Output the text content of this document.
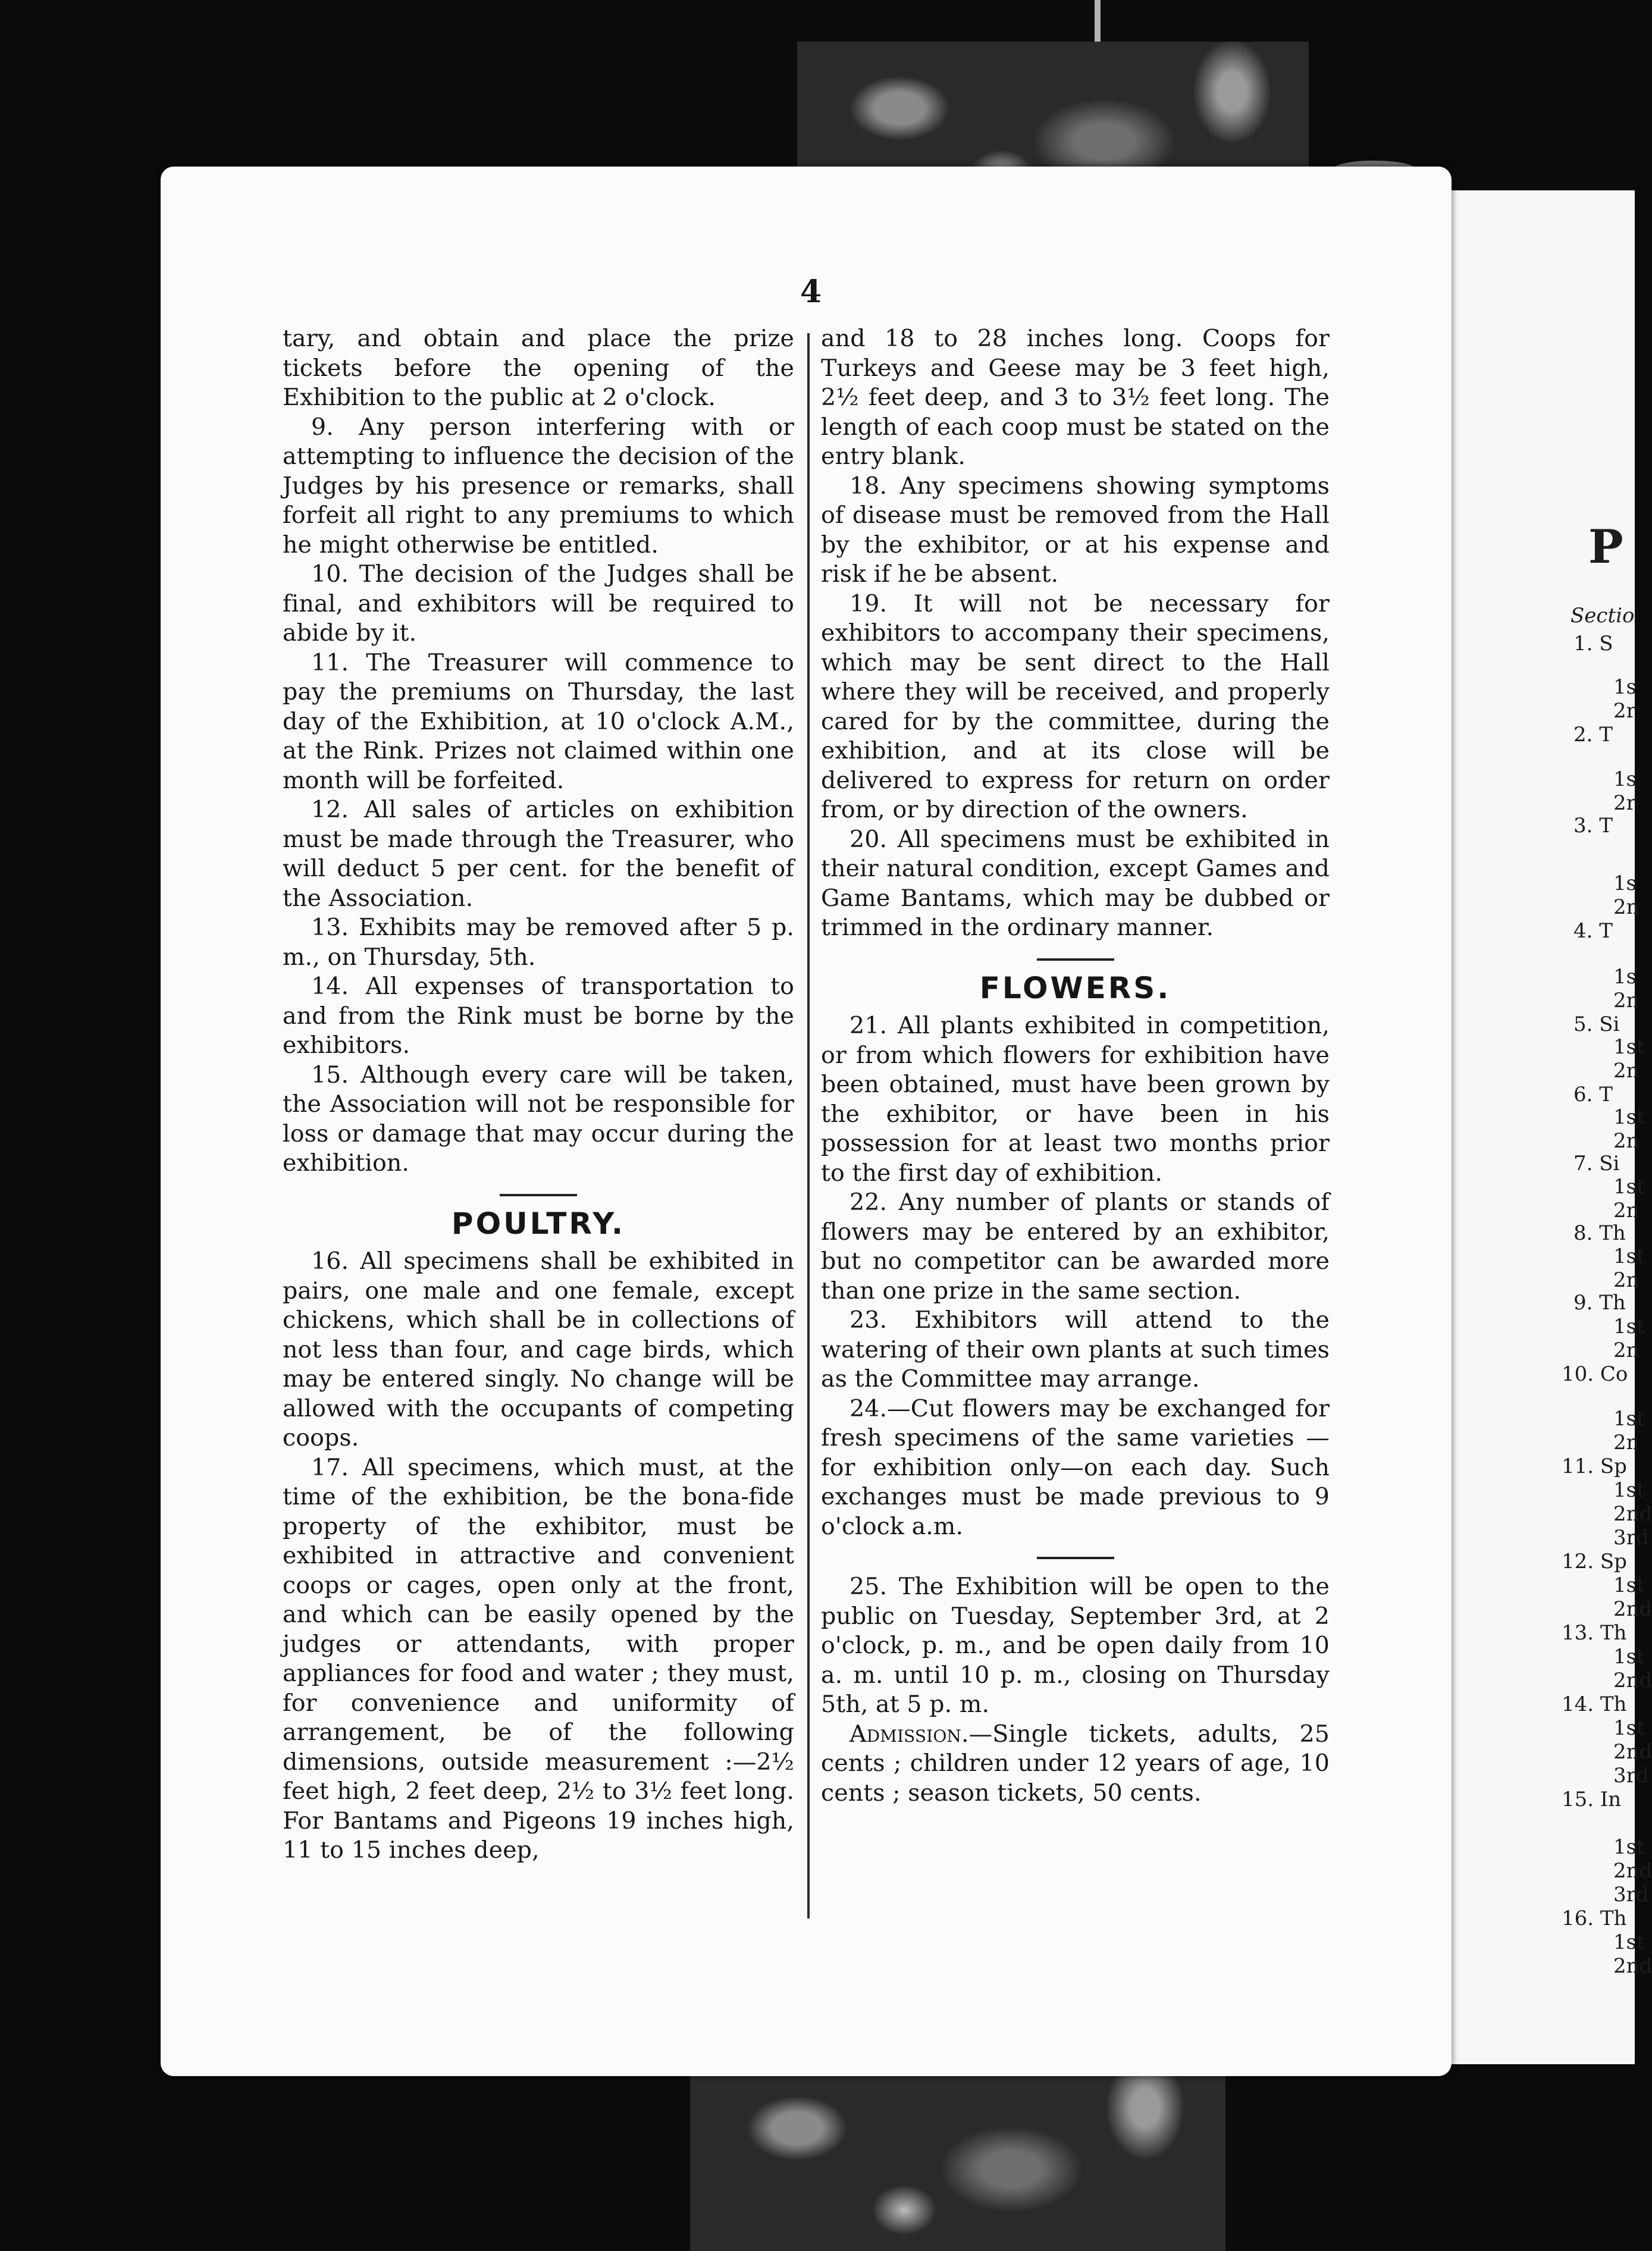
P
Sectio
1. S
1s
2r
2. T
1s
2r
3. T
1s
2n
4. T
1s
2n
5. Si
1st
2n
6. T
1st
2n
7. Si
1st
2n
8. Th
1st
2n
9. Th
1st
2n
10. Co
1st
2n
11. Sp
1st
2nd
3rd
12. Sp
1st
2nd
13. Th
1st
2nd
14. Th
1st
2nd
3rd
15. In
1st
2nd
3rd
16. Th
1st
2nd
4

tary, and obtain and place the prize tickets before the opening of the Exhibition to the public at 2 o'clock.

9. Any person interfering with or attempting to influence the decision of the Judges by his presence or remarks, shall forfeit all right to any premiums to which he might otherwise be entitled.

10. The decision of the Judges shall be final, and exhibitors will be required to abide by it.

11. The Treasurer will commence to pay the premiums on Thursday, the last day of the Exhibition, at 10 o'clock A.M., at the Rink. Prizes not claimed within one month will be forfeited.

12. All sales of articles on exhibition must be made through the Treasurer, who will deduct 5 per cent. for the benefit of the Association.

13. Exhibits may be removed after 5 p. m., on Thursday, 5th.

14. All expenses of transportation to and from the Rink must be borne by the exhibitors.

15. Although every care will be taken, the Association will not be responsible for loss or damage that may occur during the exhibition.

POULTRY.

16. All specimens shall be exhibited in pairs, one male and one female, except chickens, which shall be in collections of not less than four, and cage birds, which may be entered singly. No change will be allowed with the occupants of competing coops.

17. All specimens, which must, at the time of the exhibition, be the bona-fide property of the exhibitor, must be exhibited in attractive and convenient coops or cages, open only at the front, and which can be easily opened by the judges or attendants, with proper appliances for food and water ; they must, for convenience and uniformity of arrangement, be of the following dimensions, outside measurement :—2½ feet high, 2 feet deep, 2½ to 3½ feet long. For Bantams and Pigeons 19 inches high, 11 to 15 inches deep,

and 18 to 28 inches long. Coops for Turkeys and Geese may be 3 feet high, 2½ feet deep, and 3 to 3½ feet long. The length of each coop must be stated on the entry blank.

18. Any specimens showing symptoms of disease must be removed from the Hall by the exhibitor, or at his expense and risk if he be absent.

19. It will not be necessary for exhibitors to accompany their specimens, which may be sent direct to the Hall where they will be received, and properly cared for by the committee, during the exhibition, and at its close will be delivered to express for return on order from, or by direction of the owners.

20. All specimens must be exhibited in their natural condition, except Games and Game Bantams, which may be dubbed or trimmed in the ordinary manner.

FLOWERS.

21. All plants exhibited in competition, or from which flowers for exhibition have been obtained, must have been grown by the exhibitor, or have been in his possession for at least two months prior to the first day of exhibition.

22. Any number of plants or stands of flowers may be entered by an exhibitor, but no competitor can be awarded more than one prize in the same section.

23. Exhibitors will attend to the watering of their own plants at such times as the Committee may arrange.

24.—Cut flowers may be exchanged for fresh specimens of the same varieties —for exhibition only—on each day. Such exchanges must be made previous to 9 o'clock a.m.

25. The Exhibition will be open to the public on Tuesday, September 3rd, at 2 o'clock, p. m., and be open daily from 10 a. m. until 10 p. m., closing on Thursday 5th, at 5 p. m.

Admission.—Single tickets, adults, 25 cents ; children under 12 years of age, 10 cents ; season tickets, 50 cents.
